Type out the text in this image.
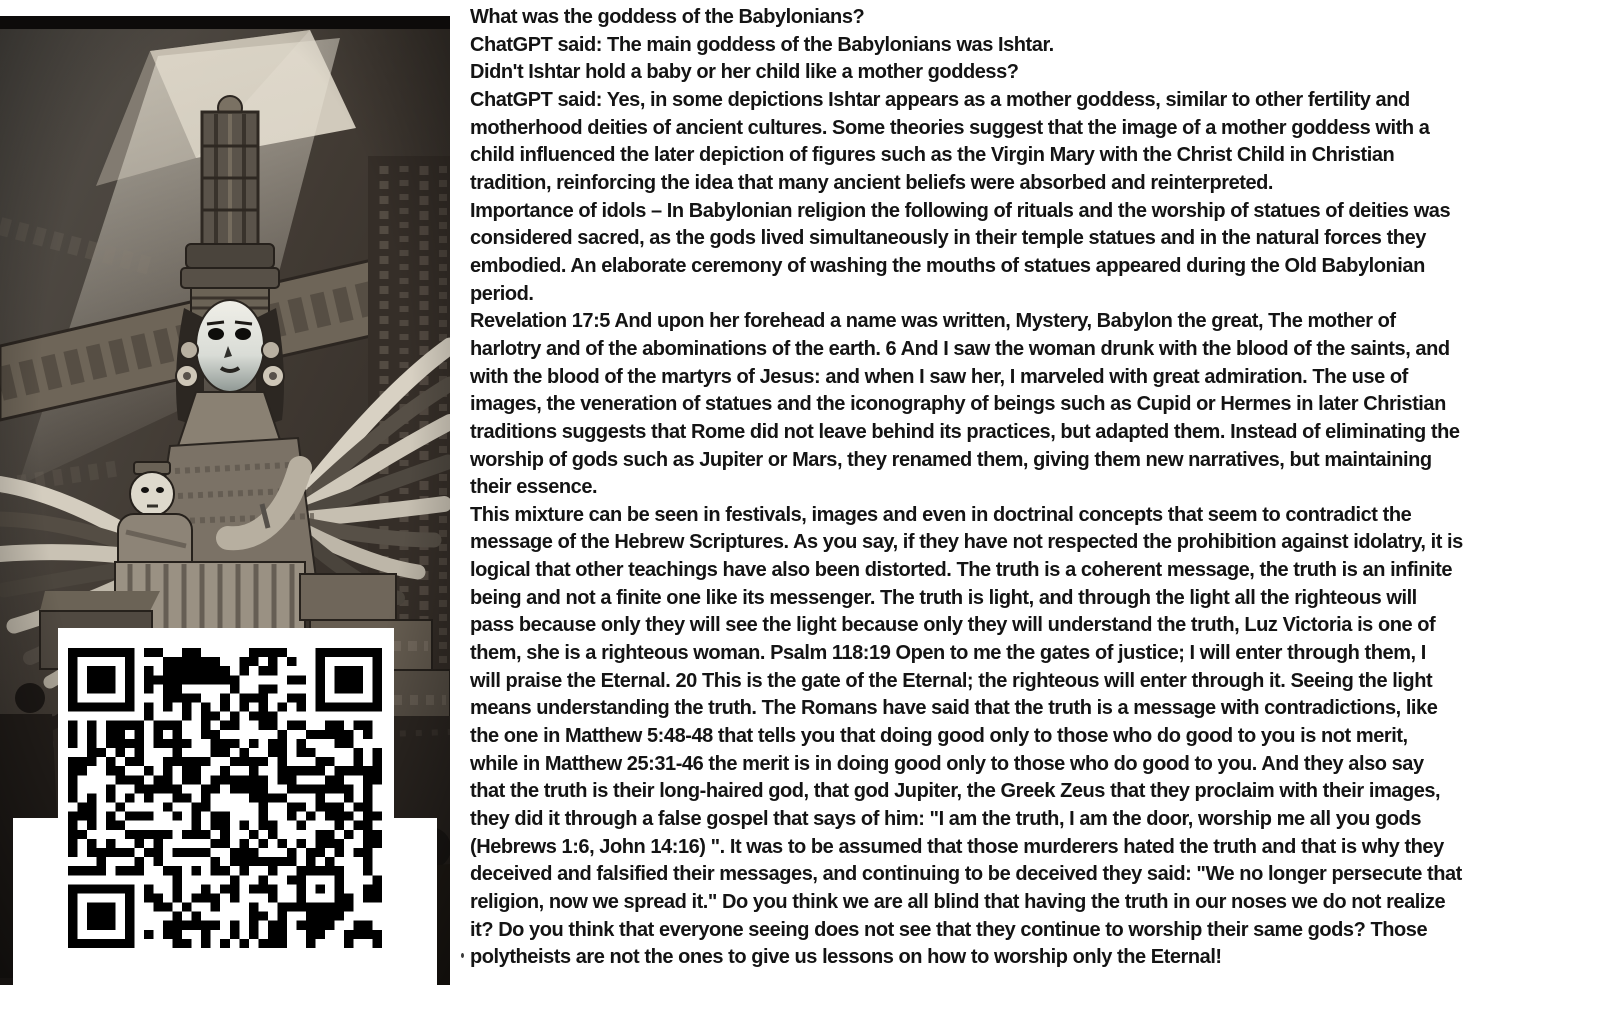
What was the goddess of the Babylonians?
ChatGPT said: The main goddess of the Babylonians was Ishtar.
Didn't Ishtar hold a baby or her child like a mother goddess?
ChatGPT said: Yes, in some depictions Ishtar appears as a mother goddess, similar to other fertility and
motherhood deities of ancient cultures. Some theories suggest that the image of a mother goddess with a
child influenced the later depiction of figures such as the Virgin Mary with the Christ Child in Christian
tradition, reinforcing the idea that many ancient beliefs were absorbed and reinterpreted.
Importance of idols – In Babylonian religion the following of rituals and the worship of statues of deities was
considered sacred, as the gods lived simultaneously in their temple statues and in the natural forces they
embodied. An elaborate ceremony of washing the mouths of statues appeared during the Old Babylonian
period.
Revelation 17:5 And upon her forehead a name was written, Mystery, Babylon the great, The mother of
harlotry and of the abominations of the earth. 6 And I saw the woman drunk with the blood of the saints, and
with the blood of the martyrs of Jesus: and when I saw her, I marveled with great admiration. The use of
images, the veneration of statues and the iconography of beings such as Cupid or Hermes in later Christian
traditions suggests that Rome did not leave behind its practices, but adapted them. Instead of eliminating the
worship of gods such as Jupiter or Mars, they renamed them, giving them new narratives, but maintaining
their essence.
This mixture can be seen in festivals, images and even in doctrinal concepts that seem to contradict the
message of the Hebrew Scriptures. As you say, if they have not respected the prohibition against idolatry, it is
logical that other teachings have also been distorted. The truth is a coherent message, the truth is an infinite
being and not a finite one like its messenger. The truth is light, and through the light all the righteous will
pass because only they will see the light because only they will understand the truth, Luz Victoria is one of
them, she is a righteous woman. Psalm 118:19 Open to me the gates of justice; I will enter through them, I
will praise the Eternal. 20 This is the gate of the Eternal; the righteous will enter through it. Seeing the light
means understanding the truth. The Romans have said that the truth is a message with contradictions, like
the one in Matthew 5:48-48 that tells you that doing good only to those who do good to you is not merit,
while in Matthew 25:31-46 the merit is in doing good only to those who do good to you. And they also say
that the truth is their long-haired god, that god Jupiter, the Greek Zeus that they proclaim with their images,
they did it through a false gospel that says of him: "I am the truth, I am the door, worship me all you gods
(Hebrews 1:6, John 14:16) ". It was to be assumed that those murderers hated the truth and that is why they
deceived and falsified their messages, and continuing to be deceived they said: "We no longer persecute that
religion, now we spread it." Do you think we are all blind that having the truth in our noses we do not realize
it? Do you think that everyone seeing does not see that they continue to worship their same gods? Those
polytheists are not the ones to give us lessons on how to worship only the Eternal!
